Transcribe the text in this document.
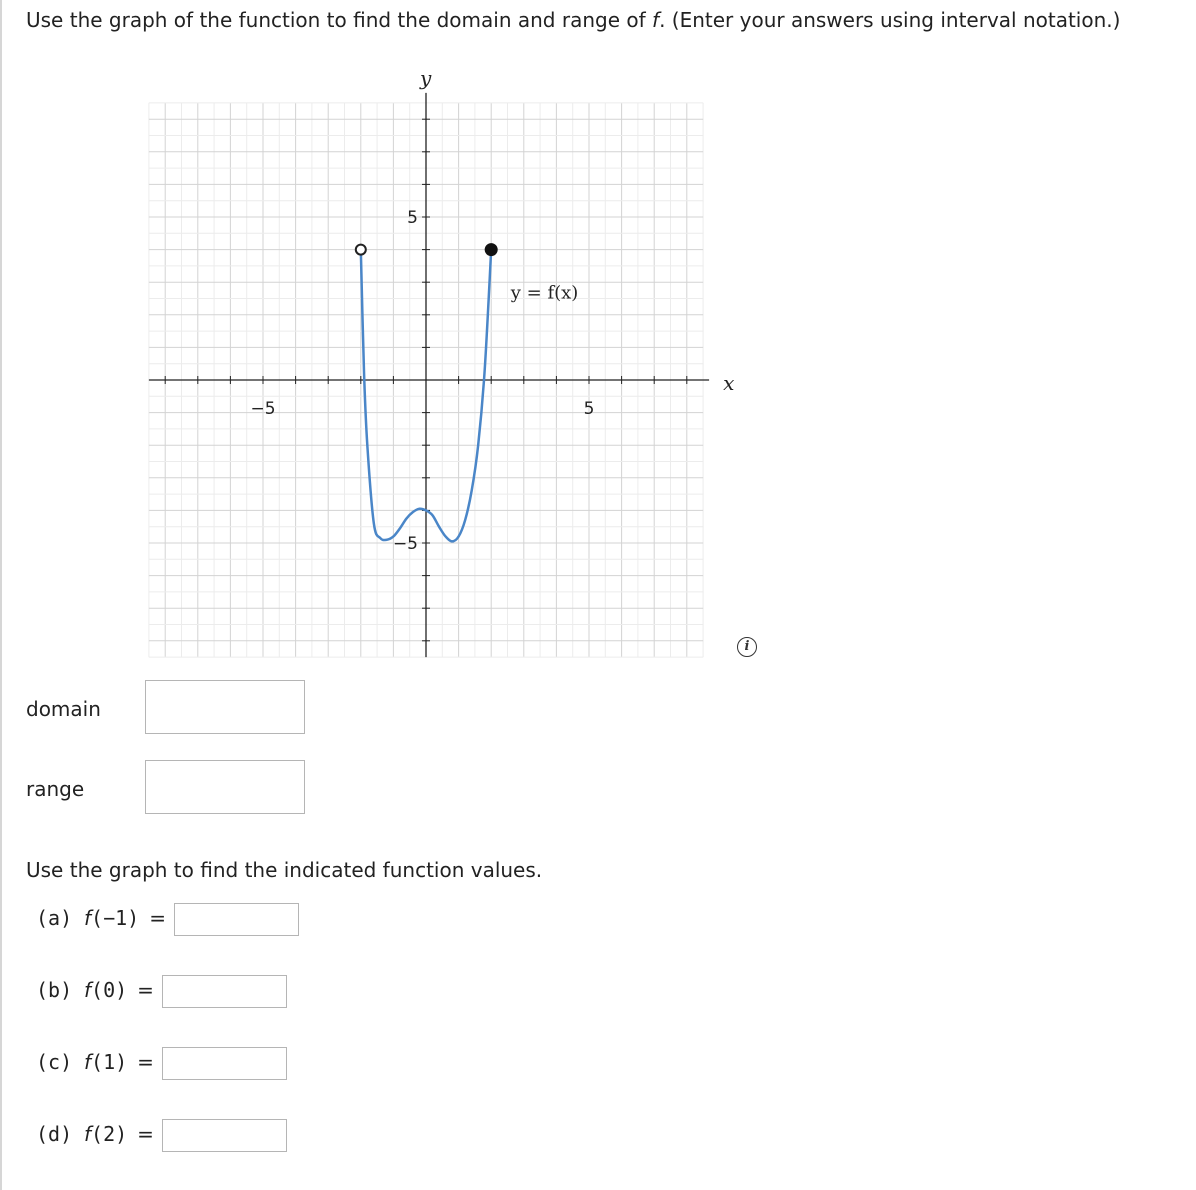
Use the graph of the function to find the domain and range of f. (Enter your answers using interval notation.)
x
y
−5	5
5
−5
y = f(x)
i
domain
range
Use the graph to find the indicated function values.
(a) f(−1) =
(b) f(0) =
(c) f(1) =
(d) f(2) =
